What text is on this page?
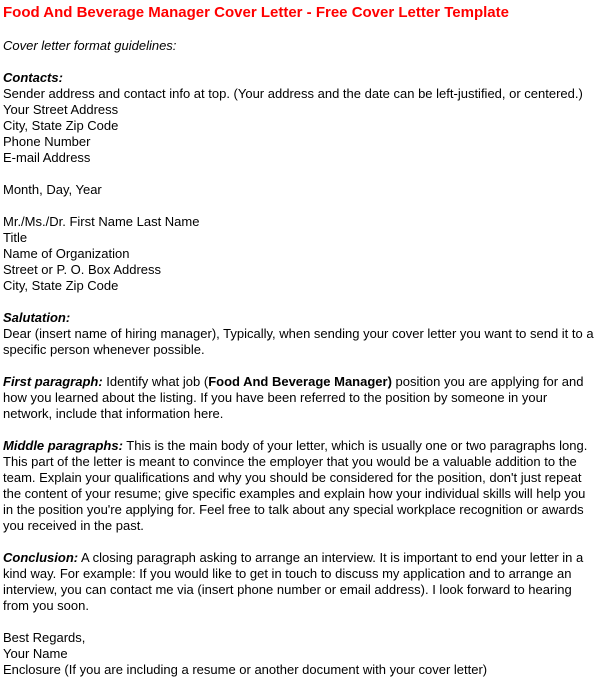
Food And Beverage Manager Cover Letter - Free Cover Letter Template

Cover letter format guidelines:

Contacts:
Sender address and contact info at top. (Your address and the date can be left-justified, or centered.)
Your Street Address
City, State Zip Code
Phone Number
E-mail Address

Month, Day, Year

Mr./Ms./Dr. First Name Last Name
Title
Name of Organization
Street or P. O. Box Address
City, State Zip Code
Salutation:
Dear (insert name of hiring manager), Typically, when sending your cover letter you want to send it to a specific person whenever possible.

First paragraph: Identify what job (Food And Beverage Manager) position you are applying for and how you learned about the listing. If you have been referred to the position by someone in your network, include that information here.

Middle paragraphs: This is the main body of your letter, which is usually one or two paragraphs long. This part of the letter is meant to convince the employer that you would be a valuable addition to the team. Explain your qualifications and why you should be considered for the position, don't just repeat the content of your resume; give specific examples and explain how your individual skills will help you in the position you're applying for. Feel free to talk about any special workplace recognition or awards you received in the past.

Conclusion: A closing paragraph asking to arrange an interview. It is important to end your letter in a kind way. For example: If you would like to get in touch to discuss my application and to arrange an interview, you can contact me via (insert phone number or email address). I look forward to hearing from you soon.

Best Regards,
Your Name
Enclosure (If you are including a resume or another document with your cover letter)
